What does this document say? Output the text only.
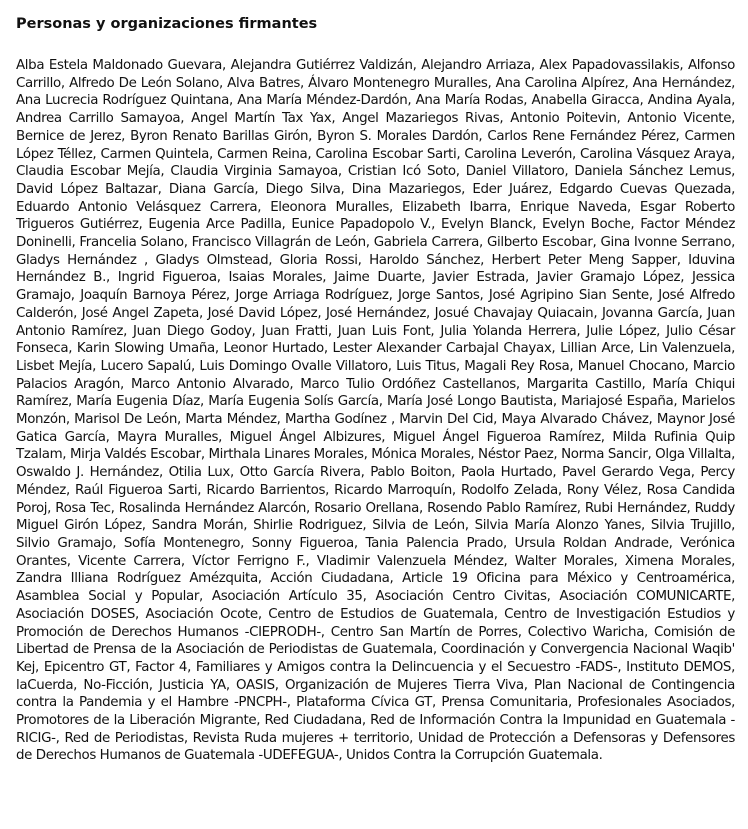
Personas y organizaciones firmantes

Alba Estela Maldonado Guevara, Alejandra Gutiérrez Valdizán, Alejandro Arriaza, Alex Papadovassilakis, Alfonso Carrillo, Alfredo De León Solano, Alva Batres, Álvaro Montenegro Muralles, Ana Carolina Alpírez, Ana Hernández, Ana Lucrecia Rodríguez Quintana, Ana María Méndez-Dardón, Ana María Rodas, Anabella Giracca, Andina Ayala, Andrea Carrillo Samayoa, Angel Martín Tax Yax, Angel Mazariegos Rivas, Antonio Poitevin, Antonio Vicente, Bernice de Jerez, Byron Renato Barillas Girón, Byron S. Morales Dardón, Carlos Rene Fernández Pérez, Carmen López Téllez, Carmen Quintela, Carmen Reina, Carolina Escobar Sarti, Carolina Leverón, Carolina Vásquez Araya, Claudia Escobar Mejía, Claudia Virginia Samayoa, Cristian Icó Soto, Daniel Villatoro, Daniela Sánchez Lemus, David López Baltazar, Diana García, Diego Silva, Dina Mazariegos, Eder Juárez, Edgardo Cuevas Quezada, Eduardo Antonio Velásquez Carrera, Eleonora Muralles, Elizabeth Ibarra, Enrique Naveda, Esgar Roberto Trigueros Gutiérrez, Eugenia Arce Padilla, Eunice Papadopolo V., Evelyn Blanck, Evelyn Boche, Factor Méndez Doninelli, Francelia Solano, Francisco Villagrán de León, Gabriela Carrera, Gilberto Escobar, Gina Ivonne Serrano, Gladys Hernández , Gladys Olmstead, Gloria Rossi, Haroldo Sánchez, Herbert Peter Meng Sapper, Iduvina Hernández B., Ingrid Figueroa, Isaias Morales, Jaime Duarte, Javier Estrada, Javier Gramajo López, Jessica Gramajo, Joaquín Barnoya Pérez, Jorge Arriaga Rodríguez, Jorge Santos, José Agripino Sian Sente, José Alfredo Calderón, José Angel Zapeta, José David López, José Hernández, Josué Chavajay Quiacain, Jovanna García, Juan Antonio Ramírez, Juan Diego Godoy, Juan Fratti, Juan Luis Font, Julia Yolanda Herrera, Julie López, Julio César Fonseca, Karin Slowing Umaña, Leonor Hurtado, Lester Alexander Carbajal Chayax, Lillian Arce, Lin Valenzuela, Lisbet Mejía, Lucero Sapalú, Luis Domingo Ovalle Villatoro, Luis Titus, Magali Rey Rosa, Manuel Chocano, Marcio Palacios Aragón, Marco Antonio Alvarado, Marco Tulio Ordóñez Castellanos, Margarita Castillo, María Chiqui Ramírez, María Eugenia Díaz, María Eugenia Solís García, María José Longo Bautista, Mariajosé España, Marielos Monzón, Marisol De León, Marta Méndez, Martha Godínez , Marvin Del Cid, Maya Alvarado Chávez, Maynor José Gatica García, Mayra Muralles, Miguel Ángel Albizures, Miguel Ángel Figueroa Ramírez, Milda Rufinia Quip Tzalam, Mirja Valdés Escobar, Mirthala Linares Morales, Mónica Morales, Néstor Paez, Norma Sancir, Olga Villalta, Oswaldo J. Hernández, Otilia Lux, Otto García Rivera, Pablo Boiton, Paola Hurtado, Pavel Gerardo Vega, Percy Méndez, Raúl Figueroa Sarti, Ricardo Barrientos, Ricardo Marroquín, Rodolfo Zelada, Rony Vélez, Rosa Candida Poroj, Rosa Tec, Rosalinda Hernández Alarcón, Rosario Orellana, Rosendo Pablo Ramírez, Rubi Hernández, Ruddy Miguel Girón López, Sandra Morán, Shirlie Rodriguez, Silvia de León, Silvia María Alonzo Yanes, Silvia Trujillo, Silvio Gramajo, Sofía Montenegro, Sonny Figueroa, Tania Palencia Prado, Ursula Roldan Andrade, Verónica Orantes, Vicente Carrera, Víctor Ferrigno F., Vladimir Valenzuela Méndez, Walter Morales, Ximena Morales, Zandra Illiana Rodríguez Amézquita, Acción Ciudadana, Article 19 Oficina para México y Centroamérica, Asamblea Social y Popular, Asociación Artículo 35, Asociación Centro Civitas, Asociación COMUNICARTE, Asociación DOSES, Asociación Ocote, Centro de Estudios de Guatemala, Centro de Investigación Estudios y Promoción de Derechos Humanos -CIEPRODH-, Centro San Martín de Porres, Colectivo Waricha, Comisión de Libertad de Prensa de la Asociación de Periodistas de Guatemala, Coordinación y Convergencia Nacional Waqib' Kej, Epicentro GT, Factor 4, Familiares y Amigos contra la Delincuencia y el Secuestro -FADS-, Instituto DEMOS, laCuerda, No-Ficción, Justicia YA, OASIS, Organización de Mujeres Tierra Viva, Plan Nacional de Contingencia contra la Pandemia y el Hambre -PNCPH-, Plataforma Cívica GT, Prensa Comunitaria, Profesionales Asociados, Promotores de la Liberación Migrante, Red Ciudadana, Red de Información Contra la Impunidad en Guatemala -RICIG-, Red de Periodistas, Revista Ruda mujeres + territorio, Unidad de Protección a Defensoras y Defensores de Derechos Humanos de Guatemala -UDEFEGUA-, Unidos Contra la Corrupción Guatemala.
